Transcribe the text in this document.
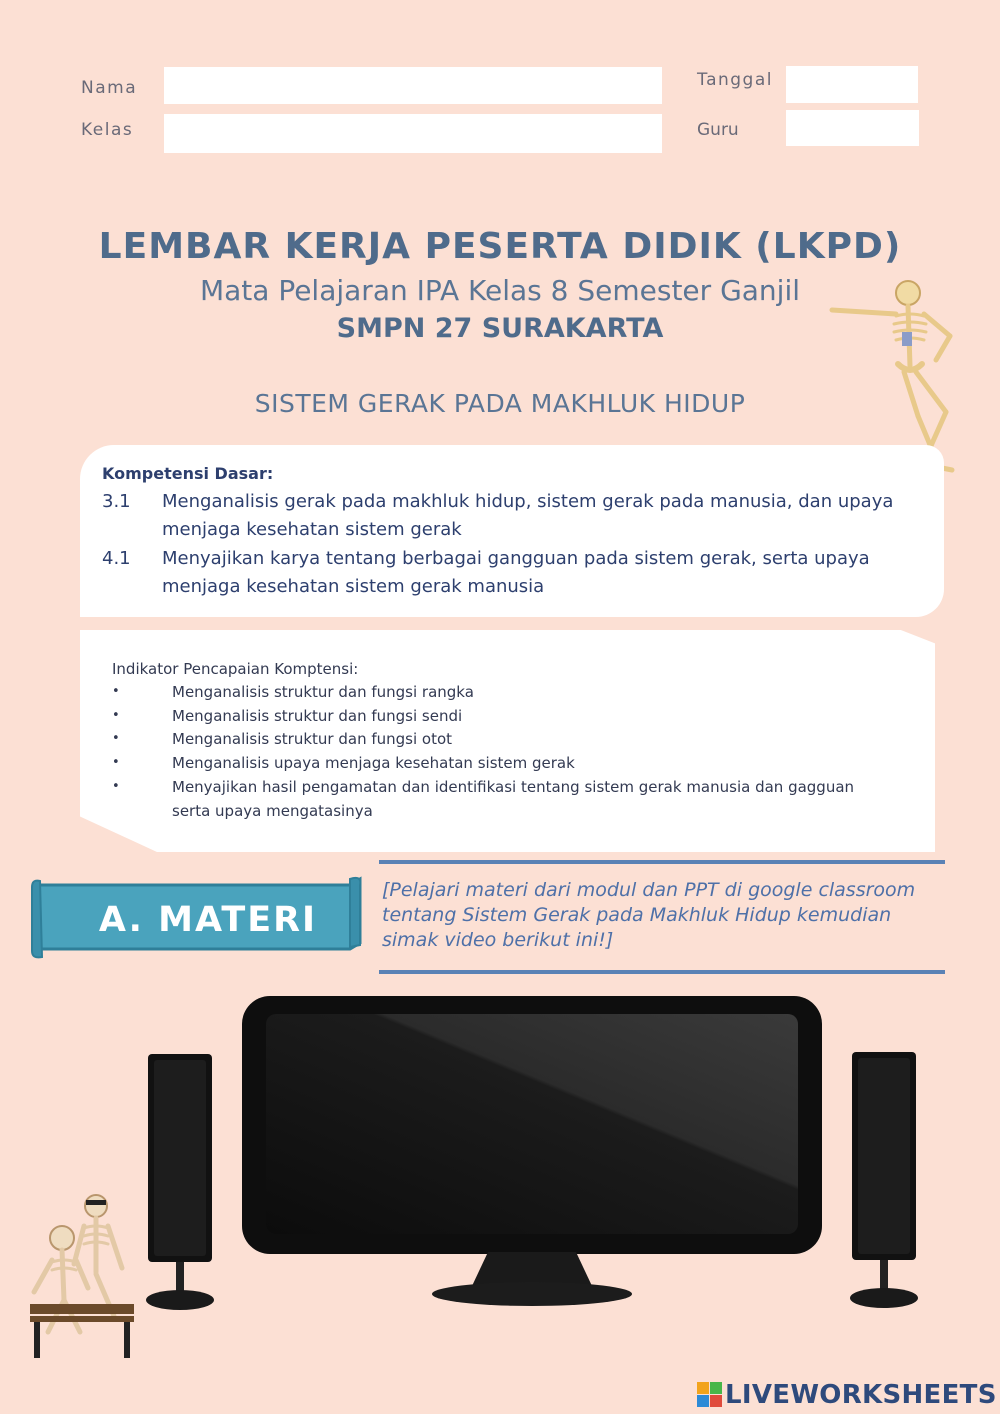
Nama
Kelas
Tanggal
Guru
LEMBAR KERJA PESERTA DIDIK (LKPD)
Mata Pelajaran IPA Kelas 8 Semester Ganjil
SMPN 27 SURAKARTA
SISTEM GERAK PADA MAKHLUK HIDUP
Kompetensi Dasar:
3.1 Menganalisis gerak pada makhluk hidup, sistem gerak pada manusia, dan upaya menjaga kesehatan sistem gerak
4.1 Menyajikan karya tentang berbagai gangguan pada sistem gerak, serta upaya menjaga kesehatan sistem gerak manusia
Indikator Pencapaian Komptensi:
•	Menganalisis struktur dan fungsi rangka
•	Menganalisis struktur dan fungsi sendi
•	Menganalisis struktur dan fungsi otot
•	Menganalisis upaya menjaga kesehatan sistem gerak
•	Menyajikan hasil pengamatan dan identifikasi tentang sistem gerak manusia dan gagguan serta upaya mengatasinya
A. MATERI
[Pelajari materi dari modul dan PPT di google classroom tentang Sistem Gerak pada Makhluk Hidup kemudian simak video berikut ini!]
LIVEWORKSHEETS
